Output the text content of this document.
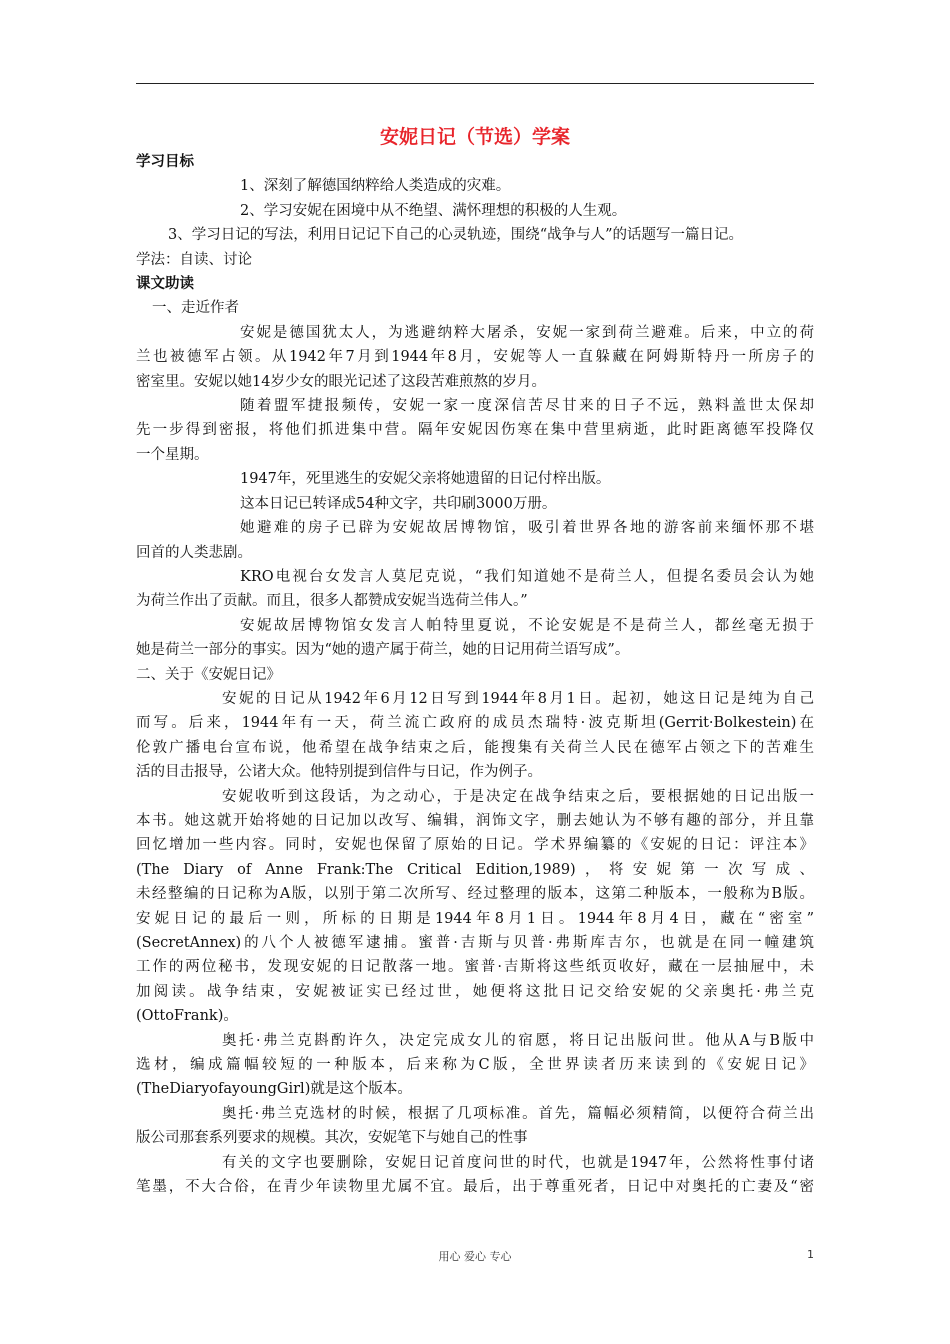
安妮日记（节选）学案

学习目标

1、深刻了解德国纳粹给人类造成的灾难。

2、学习安妮在困境中从不绝望、满怀理想的积极的人生观。

3、学习日记的写法，利用日记记下自己的心灵轨迹，围绕“战争与人”的话题写一篇日记。

学法：自读、讨论

课文助读

一、走近作者

安妮是德国犹太人，为逃避纳粹大屠杀，安妮一家到荷兰避难。后来，中立的荷

兰也被德军占领。从1942年7月到1944年8月，安妮等人一直躲藏在阿姆斯特丹一所房子的

密室里。安妮以她14岁少女的眼光记述了这段苦难煎熬的岁月。

随着盟军捷报频传，安妮一家一度深信苦尽甘来的日子不远，熟料盖世太保却

先一步得到密报，将他们抓进集中营。隔年安妮因伤寒在集中营里病逝，此时距离德军投降仅

一个星期。

1947年，死里逃生的安妮父亲将她遗留的日记付梓出版。

这本日记已转译成54种文字，共印刷3000万册。

她避难的房子已辟为安妮故居博物馆，吸引着世界各地的游客前来缅怀那不堪

回首的人类悲剧。

KRO电视台女发言人莫尼克说，“我们知道她不是荷兰人，但提名委员会认为她

为荷兰作出了贡献。而且，很多人都赞成安妮当选荷兰伟人。”

安妮故居博物馆女发言人帕特里夏说，不论安妮是不是荷兰人，都丝毫无损于

她是荷兰一部分的事实。因为“她的遗产属于荷兰，她的日记用荷兰语写成”。

二、关于《安妮日记》

安妮的日记从1942年6月12日写到1944年8月1日。起初，她这日记是纯为自己

而写。后来，1944年有一天，荷兰流亡政府的成员杰瑞特·波克斯坦(Gerrit·Bolkestein)在

伦敦广播电台宣布说，他希望在战争结束之后，能搜集有关荷兰人民在德军占领之下的苦难生

活的目击报导，公诸大众。他特别提到信件与日记，作为例子。

安妮收听到这段话，为之动心，于是决定在战争结束之后，要根据她的日记出版一

本书。她这就开始将她的日记加以改写、编辑，润饰文字，删去她认为不够有趣的部分，并且靠

回忆增加一些内容。同时，安妮也保留了原始的日记。学术界编纂的《安妮的日记：评注本》

(The Diary of Anne Frank:The Critical Edition,1989)，将安妮第一次写成、

未经整编的日记称为A版，以别于第二次所写、经过整理的版本，这第二种版本，一般称为B版。

安妮日记的最后一则，所标的日期是1944年8月1日。1944年8月4日，藏在“密室”

(SecretAnnex)的八个人被德军逮捕。蜜普·吉斯与贝普·弗斯库吉尔，也就是在同一幢建筑

工作的两位秘书，发现安妮的日记散落一地。蜜普·吉斯将这些纸页收好，藏在一层抽屉中，未

加阅读。战争结束，安妮被证实已经过世，她便将这批日记交给安妮的父亲奥托·弗兰克

(OttoFrank)。

奥托·弗兰克斟酌许久，决定完成女儿的宿愿，将日记出版问世。他从A与B版中

选材，编成篇幅较短的一种版本，后来称为C版，全世界读者历来读到的《安妮日记》

(TheDiaryofayoungGirl)就是这个版本。

奥托·弗兰克选材的时候，根据了几项标准。首先，篇幅必须精简，以便符合荷兰出

版公司那套系列要求的规模。其次，安妮笔下与她自己的性事

有关的文字也要删除，安妮日记首度问世的时代，也就是1947年，公然将性事付诸

笔墨，不大合俗，在青少年读物里尤属不宜。最后，出于尊重死者，日记中对奥托的亡妻及“密

用心 爱心 专心	1
